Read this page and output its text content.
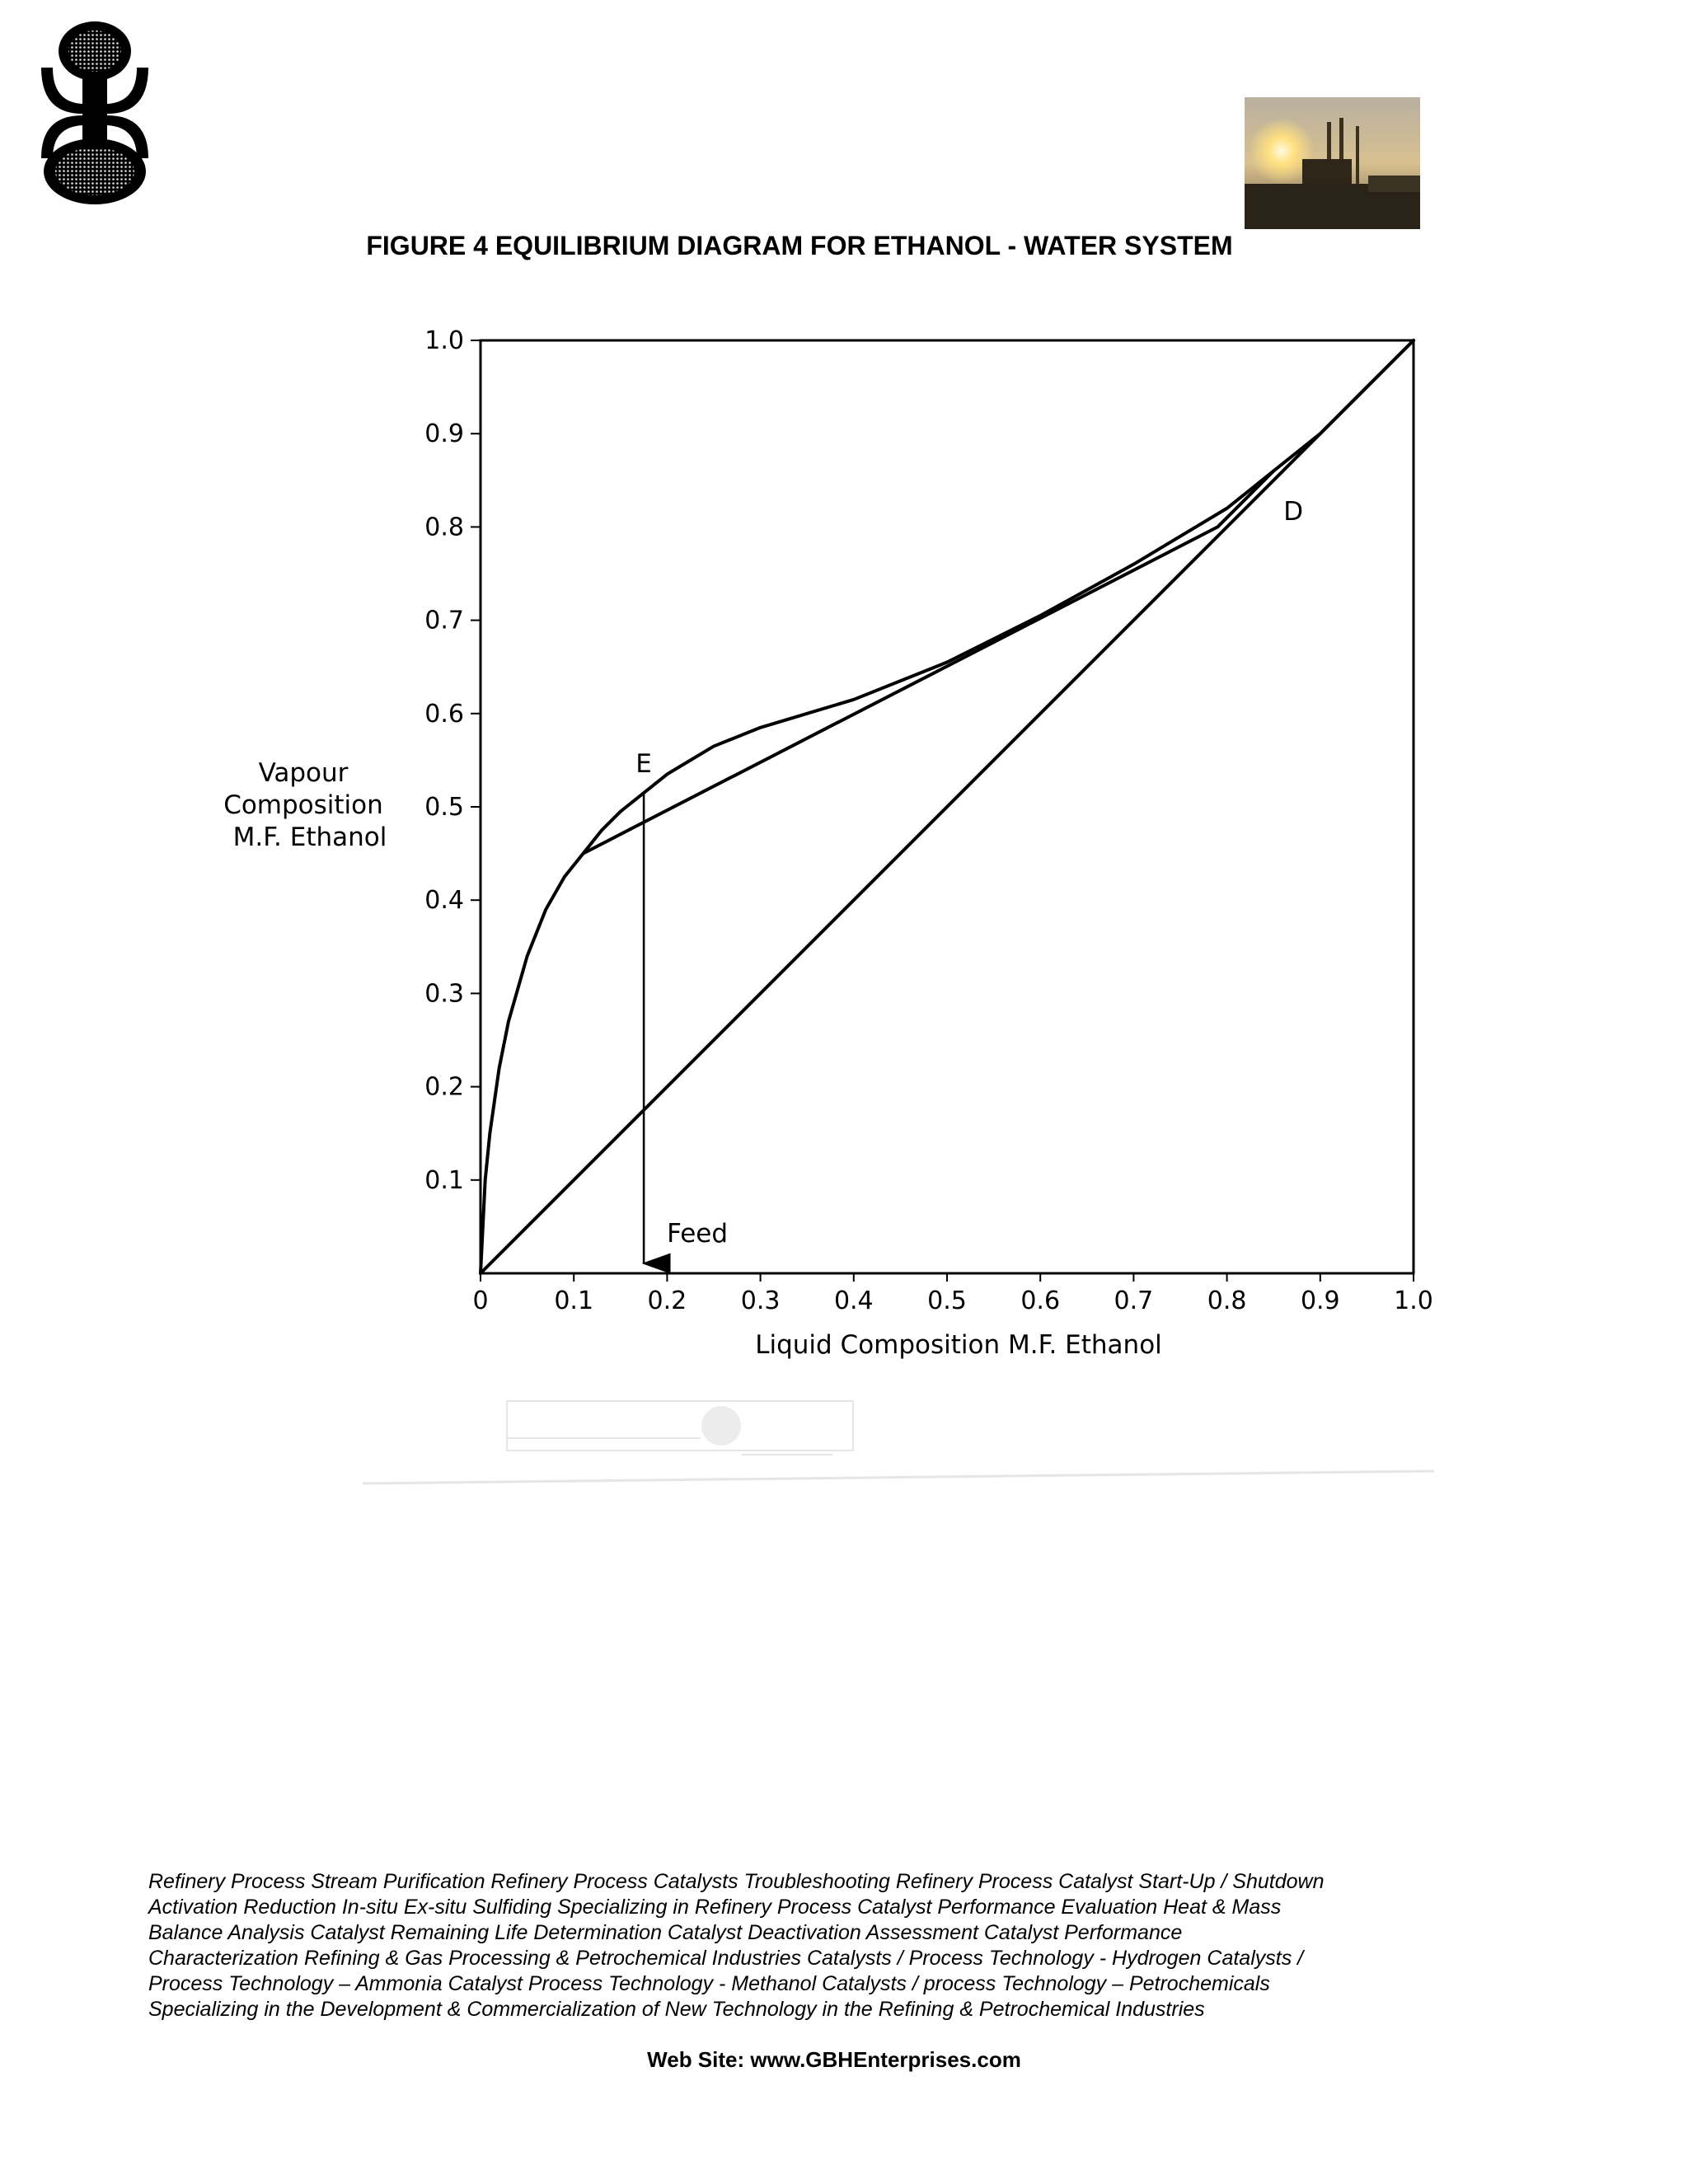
FIGURE 4 EQUILIBRIUM DIAGRAM FOR ETHANOL - WATER SYSTEM
0	0.1 0.2 0.3 0.4 0.5 0.6 0.7 0.8 0.9 1.0
0.1
0.2
0.3
0.4
0.5
0.6
0.7
0.8
0.9
1.0
E
D
Feed
Liquid Composition M.F. Ethanol
Vapour
Composition
M.F. Ethanol
Refinery Process Stream Purification Refinery Process Catalysts Troubleshooting Refinery Process Catalyst Start-Up / Shutdown
Activation Reduction In-situ Ex-situ Sulfiding Specializing in Refinery Process Catalyst Performance Evaluation Heat & Mass
Balance Analysis Catalyst Remaining Life Determination Catalyst Deactivation Assessment Catalyst Performance
Characterization Refining & Gas Processing & Petrochemical Industries Catalysts / Process Technology - Hydrogen Catalysts /
Process Technology – Ammonia Catalyst Process Technology - Methanol Catalysts / process Technology – Petrochemicals
Specializing in the Development & Commercialization of New Technology in the Refining & Petrochemical Industries
Web Site: www.GBHEnterprises.com
